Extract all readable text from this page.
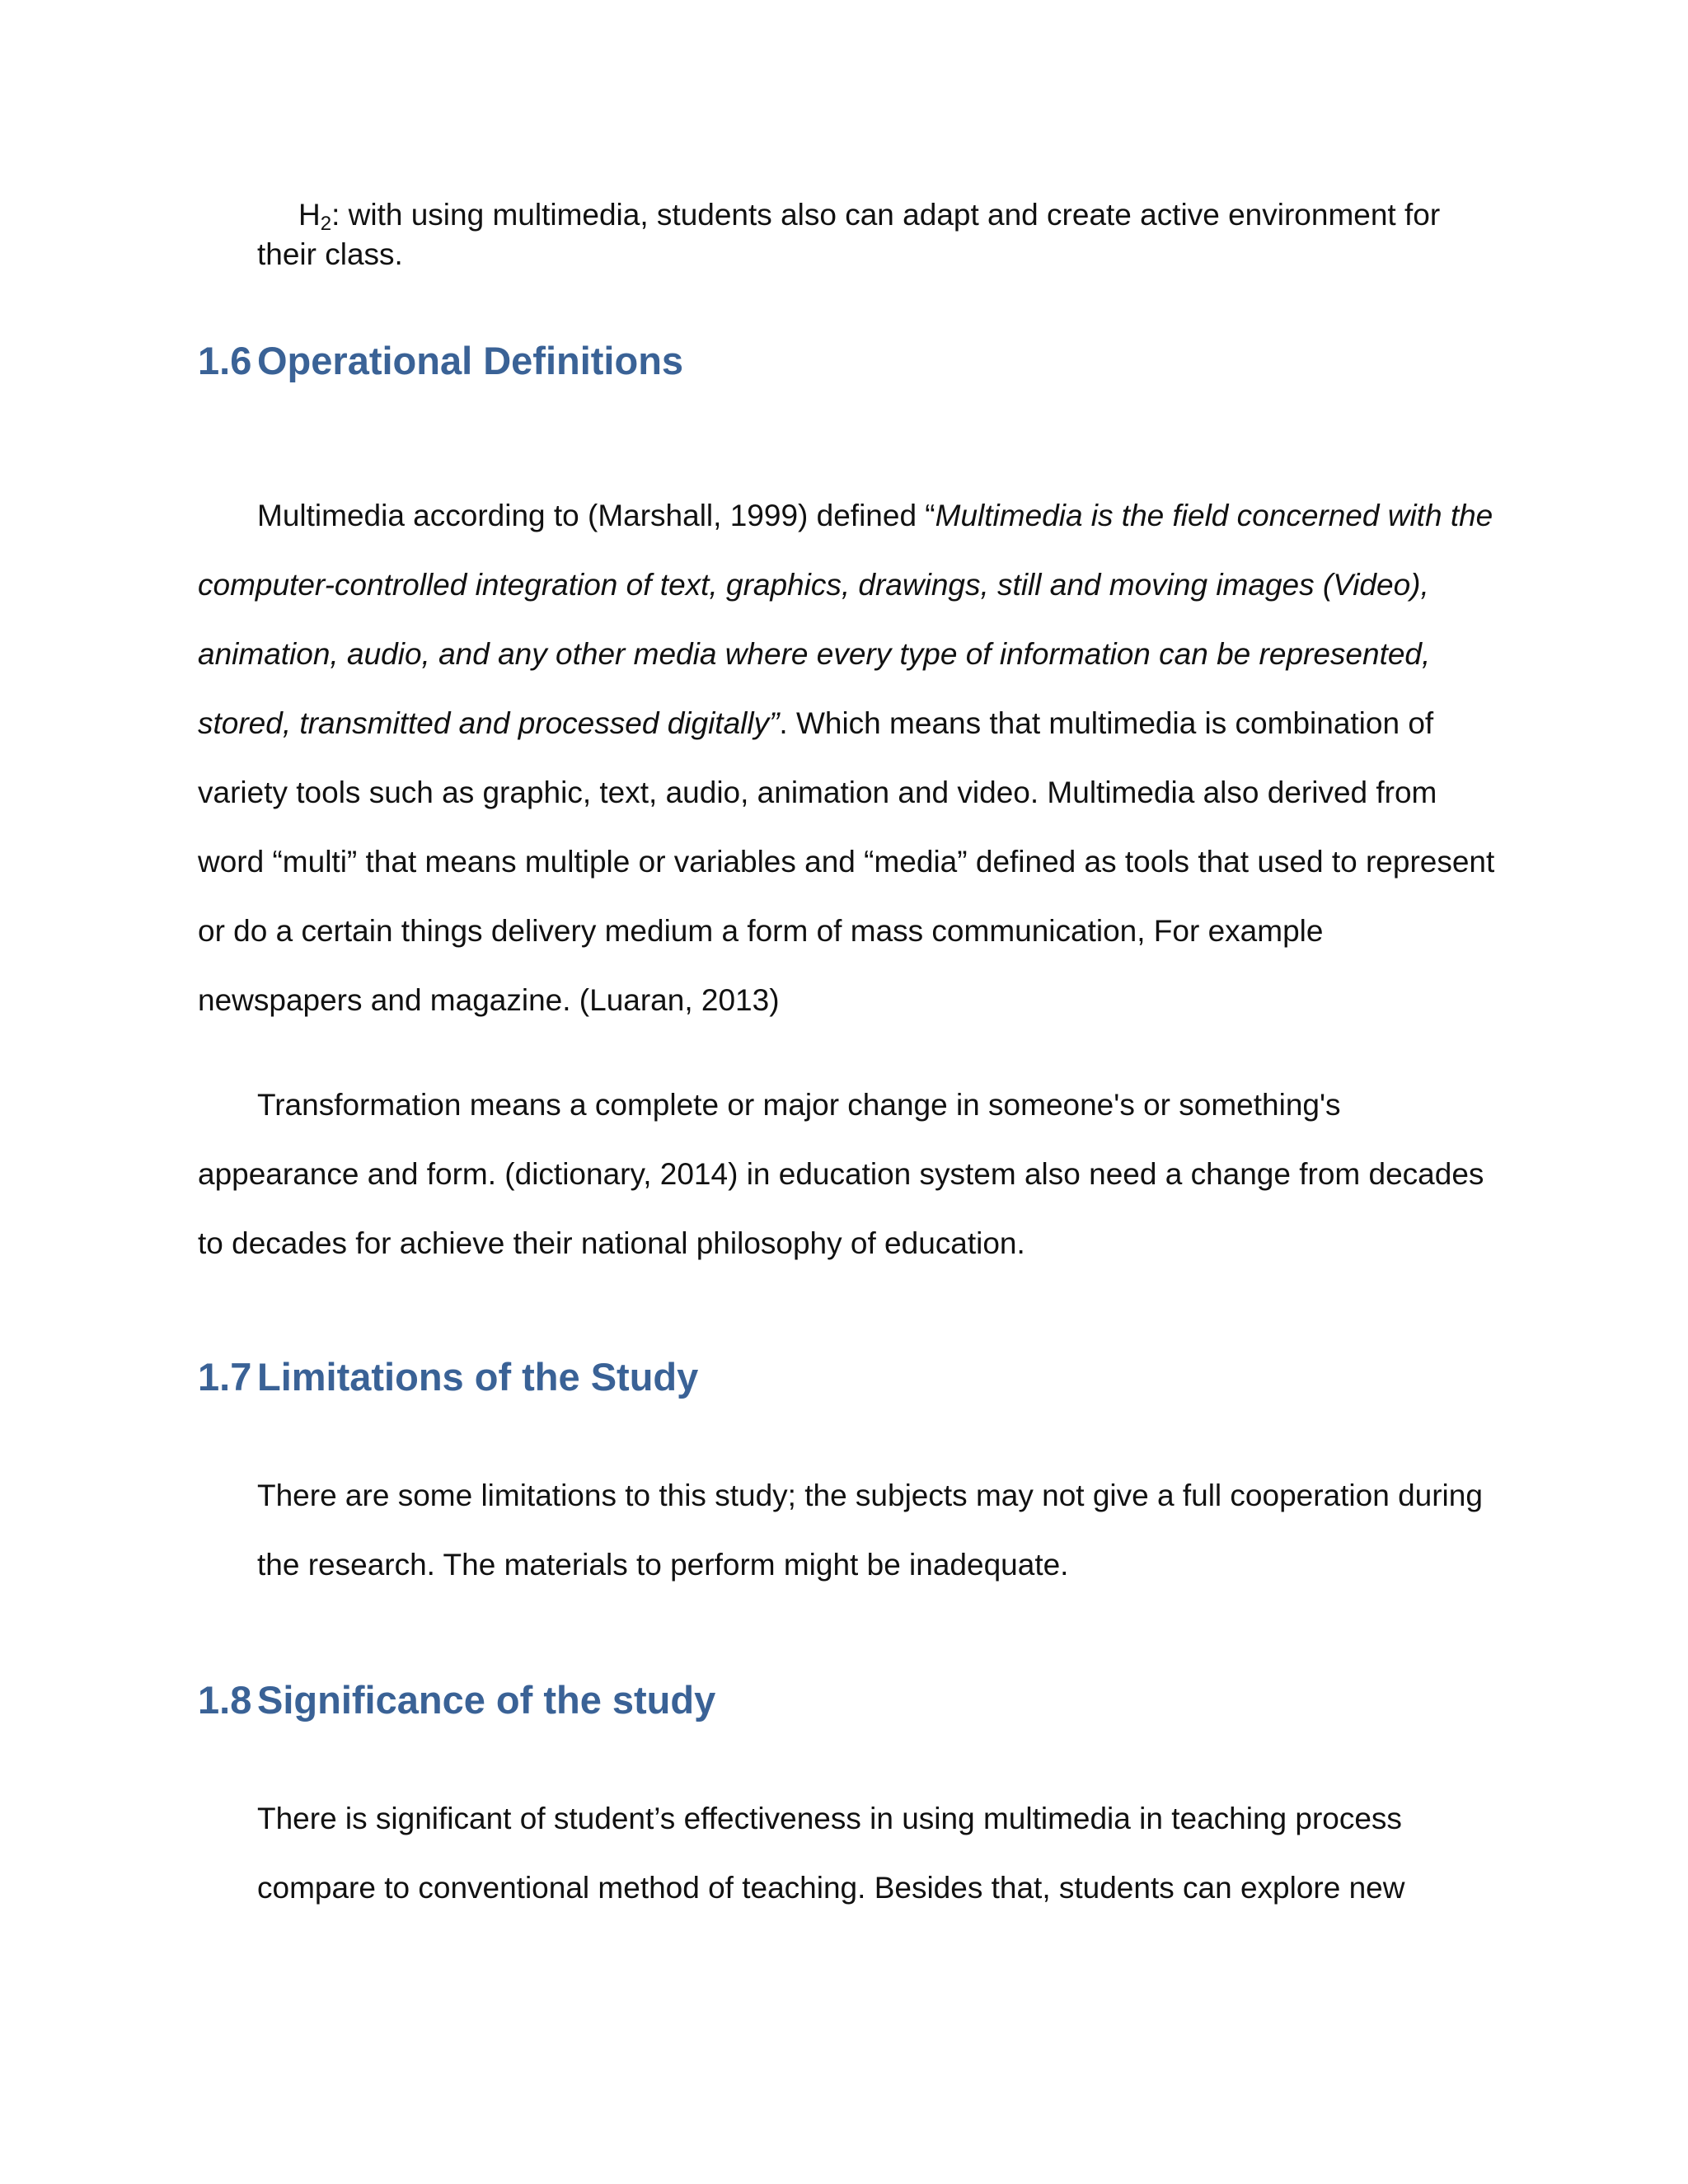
$H_2$: with using multimedia, students also can adapt and create active environment for
their class.
1.6 Operational Definitions
Multimedia according to (Marshall, 1999) defined “Multimedia is the field concerned with the
computer-controlled integration of text, graphics, drawings, still and moving images (Video),
animation, audio, and any other media where every type of information can be represented,
stored, transmitted and processed digitally”. Which means that multimedia is combination of
variety tools such as graphic, text, audio, animation and video. Multimedia also derived from
word “multi” that means multiple or variables and “media” defined as tools that used to represent
or do a certain things delivery medium a form of mass communication, For example
newspapers and magazine. (Luaran, 2013)
Transformation means a complete or major change in someone's or something's
appearance and form. (dictionary, 2014) in education system also need a change from decades
to decades for achieve their national philosophy of education.
1.7 Limitations of the Study
There are some limitations to this study; the subjects may not give a full cooperation during
the research. The materials to perform might be inadequate.
1.8 Significance of the study
There is significant of student’s effectiveness in using multimedia in teaching process
compare to conventional method of teaching. Besides that, students can explore new
